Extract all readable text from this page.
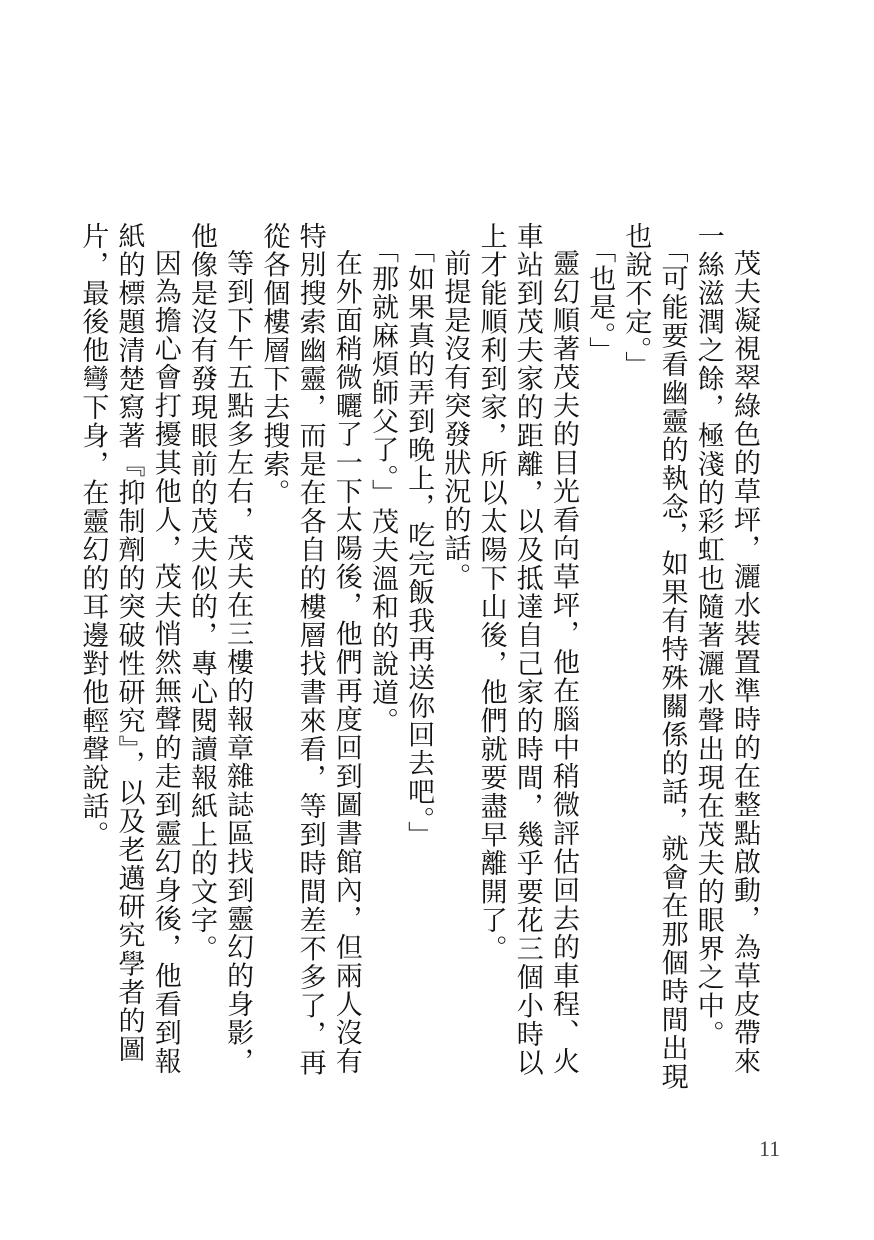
茂夫凝視翠綠色的草坪，灑水裝置準時的在整點啟動，為草皮帶來一絲滋潤之餘，極淺的彩虹也隨著灑水聲出現在茂夫的眼界之中。

「可能要看幽靈的執念，如果有特殊關係的話，就會在那個時間出現也說不定。」

「也是。」

靈幻順著茂夫的目光看向草坪，他在腦中稍微評估回去的車程、火車站到茂夫家的距離，以及抵達自己家的時間，幾乎要花三個小時以上才能順利到家，所以太陽下山後，他們就要盡早離開了。

前提是沒有突發狀況的話。

「如果真的弄到晚上，吃完飯我再送你回去吧。」

「那就麻煩師父了。」茂夫溫和的說道。

在外面稍微曬了一下太陽後，他們再度回到圖書館內，但兩人沒有特別搜索幽靈，而是在各自的樓層找書來看，等到時間差不多了，再從各個樓層下去搜索。

等到下午五點多左右，茂夫在三樓的報章雜誌區找到靈幻的身影，他像是沒有發現眼前的茂夫似的，專心閱讀報紙上的文字。

因為擔心會打擾其他人，茂夫悄然無聲的走到靈幻身後，他看到報紙的標題清楚寫著『抑制劑的突破性研究』，以及老邁研究學者的圖片，最後他彎下身，在靈幻的耳邊對他輕聲說話。

11
